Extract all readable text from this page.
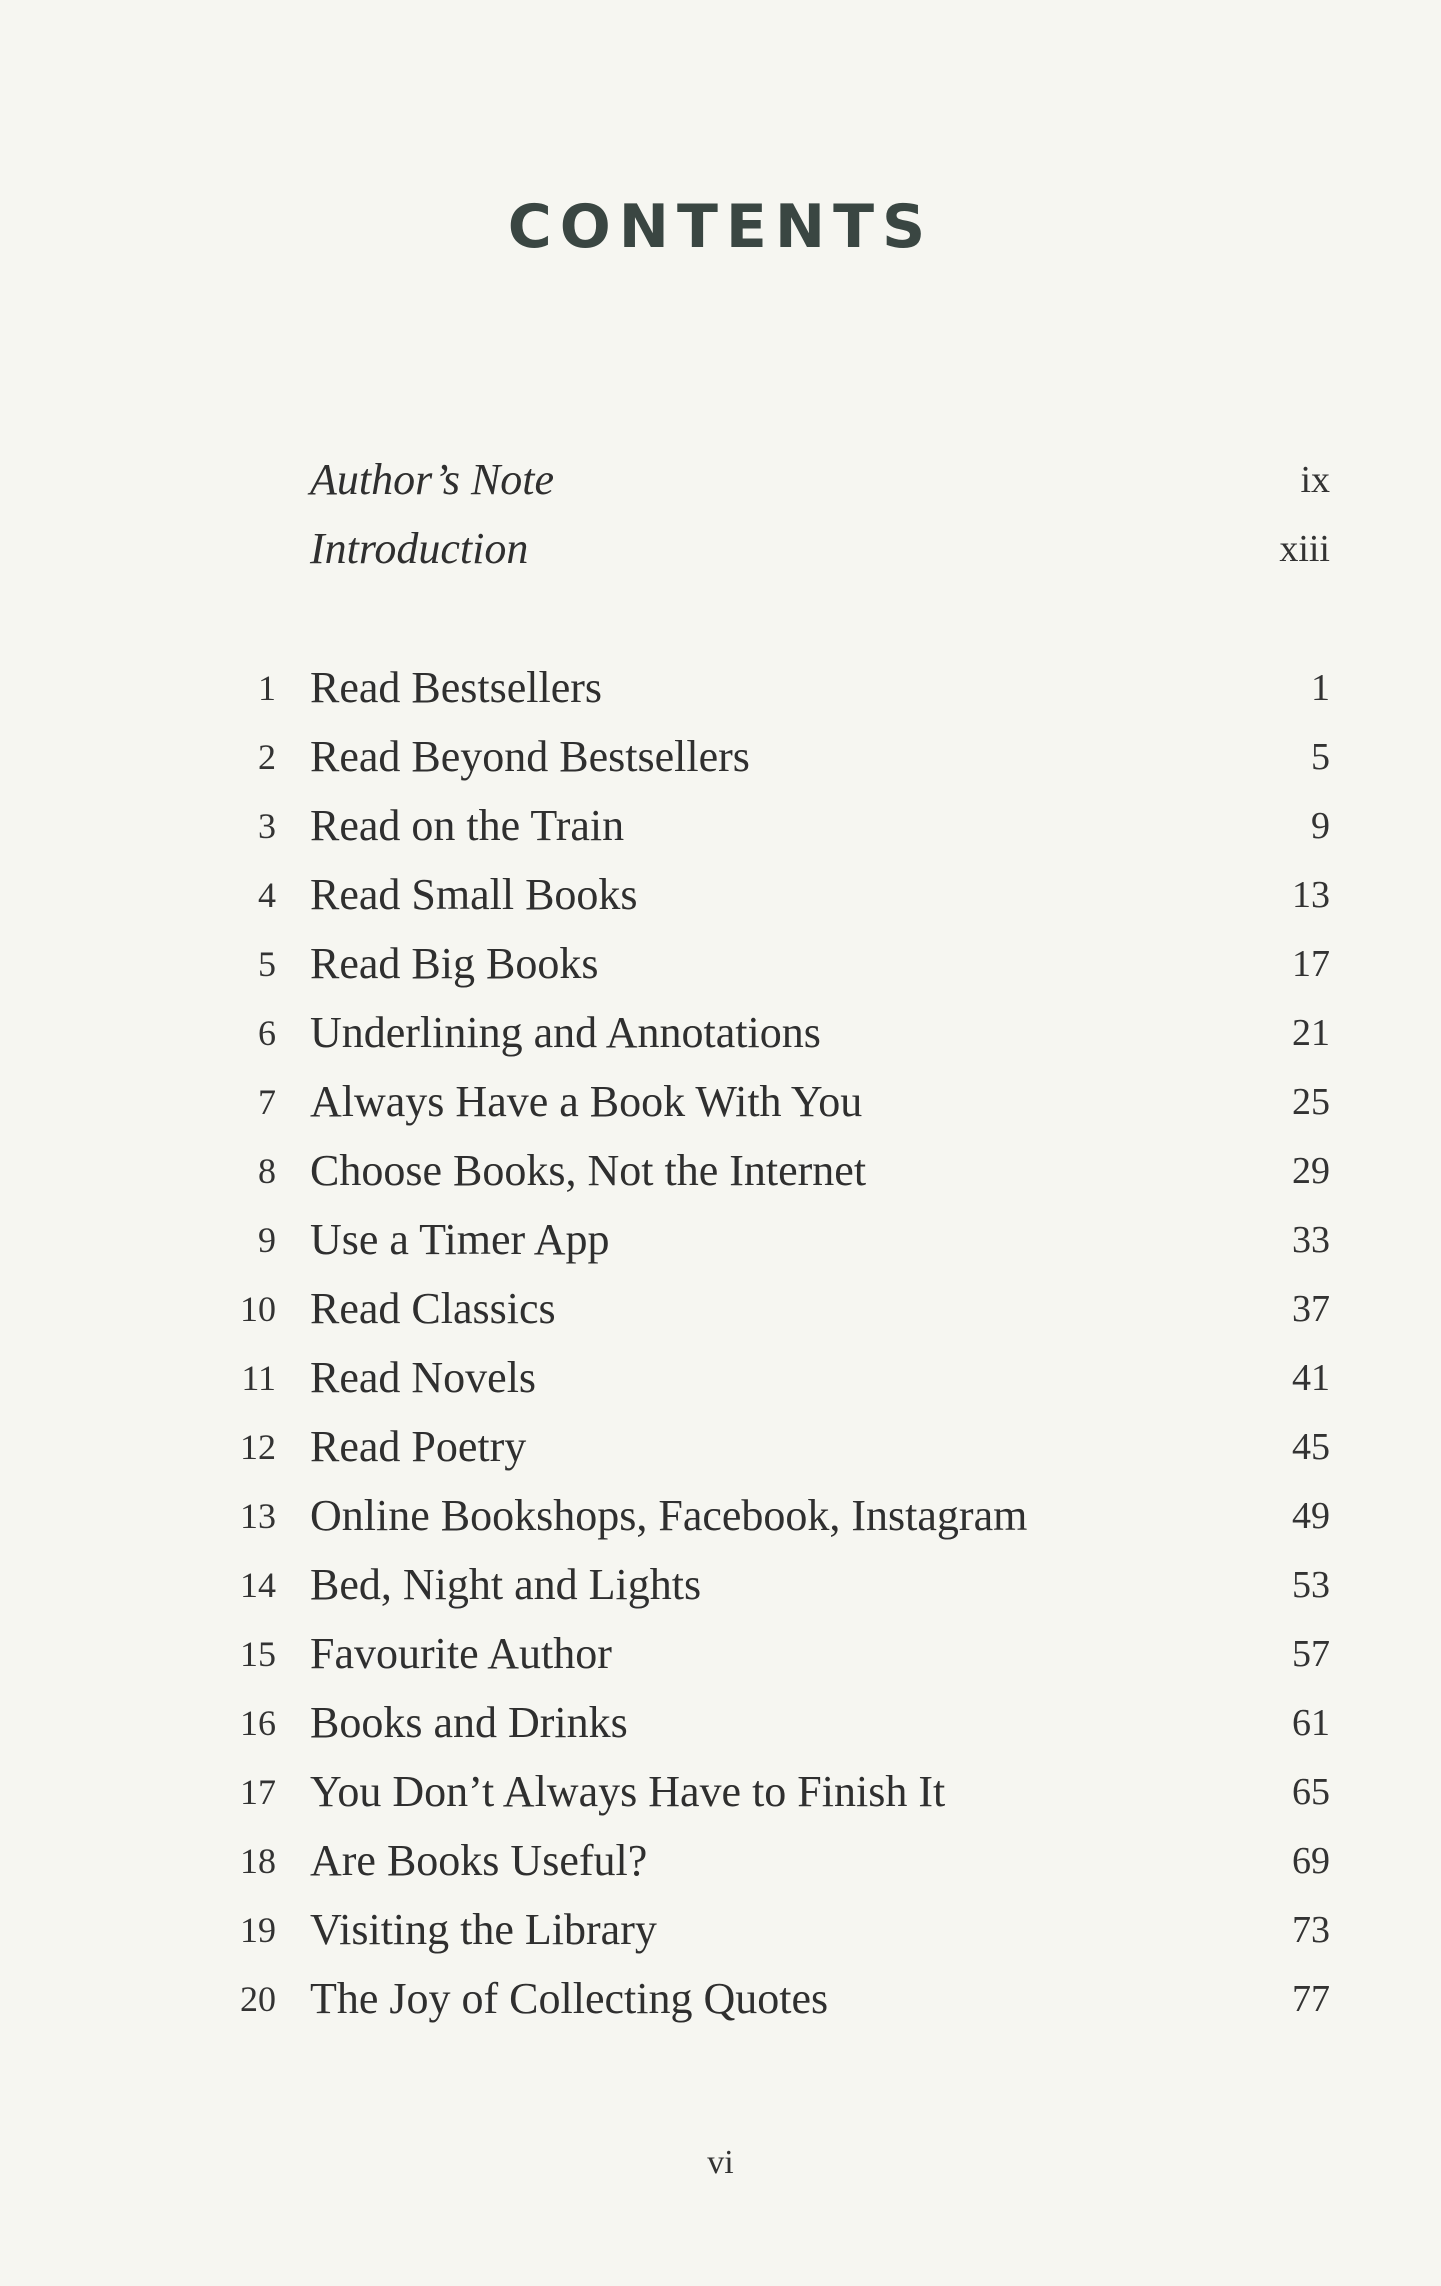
CONTENTS
Author’s Note	ix
Introduction	xiii
1 Read Bestsellers	1
2 Read Beyond Bestsellers	5
3 Read on the Train	9
4 Read Small Books	13
5 Read Big Books	17
6 Underlining and Annotations	21
7 Always Have a Book With You	25
8 Choose Books, Not the Internet	29
9 Use a Timer App	33
10 Read Classics	37
11 Read Novels	41
12 Read Poetry	45
13 Online Bookshops, Facebook, Instagram	49
14 Bed, Night and Lights	53
15 Favourite Author	57
16 Books and Drinks	61
17 You Don’t Always Have to Finish It	65
18 Are Books Useful?	69
19 Visiting the Library	73
20 The Joy of Collecting Quotes	77
vi
